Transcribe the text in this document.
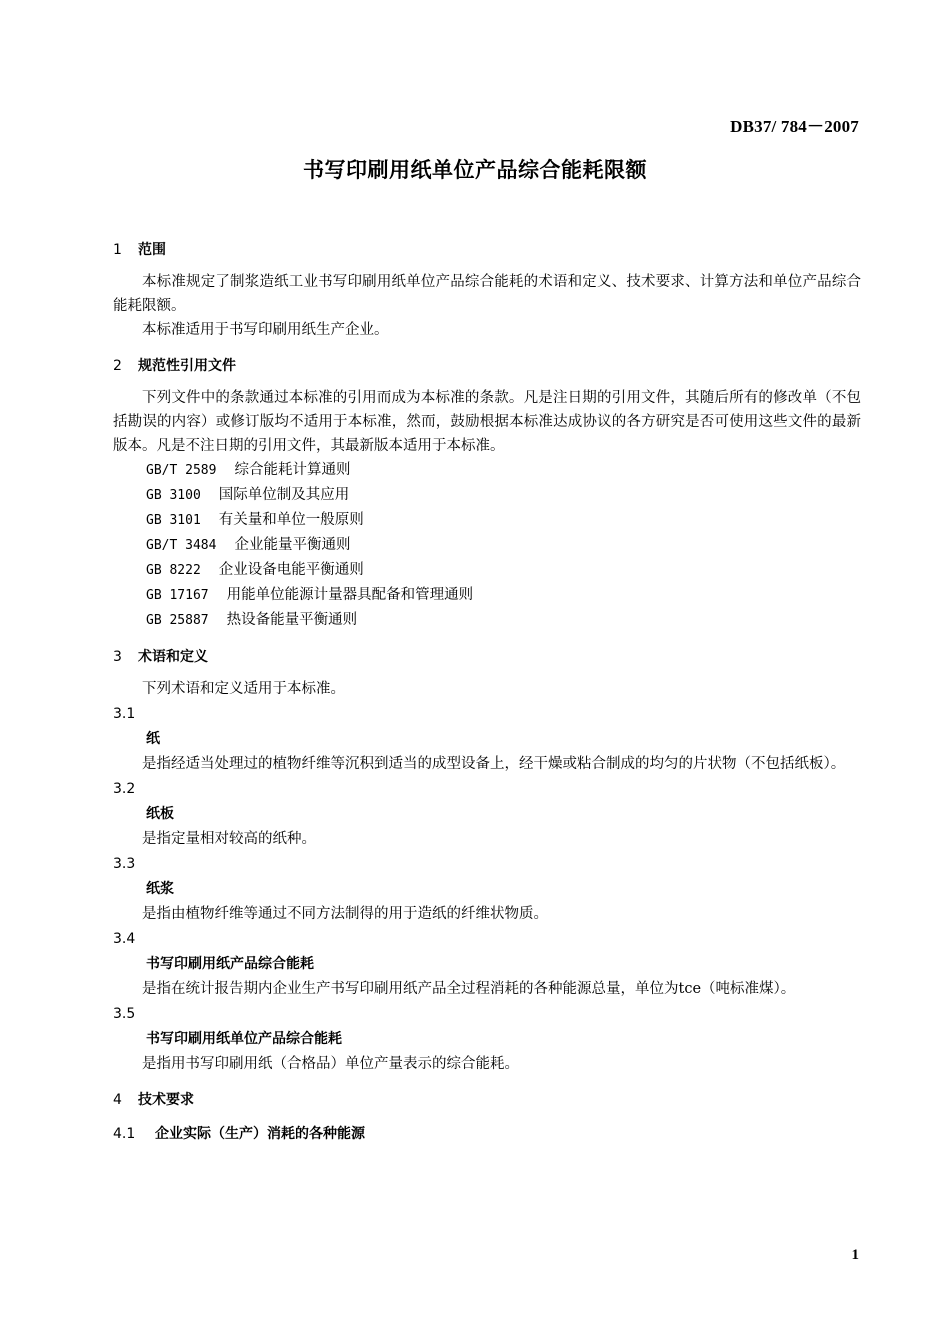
DB37/ 784－2007
书写印刷用纸单位产品综合能耗限额
1 范围

本标准规定了制浆造纸工业书写印刷用纸单位产品综合能耗的术语和定义、技术要求、计算方法和单位产品综合能耗限额。

本标准适用于书写印刷用纸生产企业。

2 规范性引用文件

下列文件中的条款通过本标准的引用而成为本标准的条款。凡是注日期的引用文件，其随后所有的修改单（不包括勘误的内容）或修订版均不适用于本标准，然而，鼓励根据本标准达成协议的各方研究是否可使用这些文件的最新版本。凡是不注日期的引用文件，其最新版本适用于本标准。

GB/T 2589 综合能耗计算通则
GB 3100 国际单位制及其应用
GB 3101 有关量和单位一般原则
GB/T 3484 企业能量平衡通则
GB 8222 企业设备电能平衡通则
GB 17167 用能单位能源计量器具配备和管理通则
GB 25887 热设备能量平衡通则
3 术语和定义

下列术语和定义适用于本标准。

3.1
纸

是指经适当处理过的植物纤维等沉积到适当的成型设备上，经干燥或粘合制成的均匀的片状物（不包括纸板）。

3.2
纸板

是指定量相对较高的纸种。

3.3
纸浆

是指由植物纤维等通过不同方法制得的用于造纸的纤维状物质。

3.4
书写印刷用纸产品综合能耗

是指在统计报告期内企业生产书写印刷用纸产品全过程消耗的各种能源总量，单位为tce（吨标准煤）。

3.5
书写印刷用纸单位产品综合能耗

是指用书写印刷用纸（合格品）单位产量表示的综合能耗。

4 技术要求
4.1 企业实际（生产）消耗的各种能源
1
